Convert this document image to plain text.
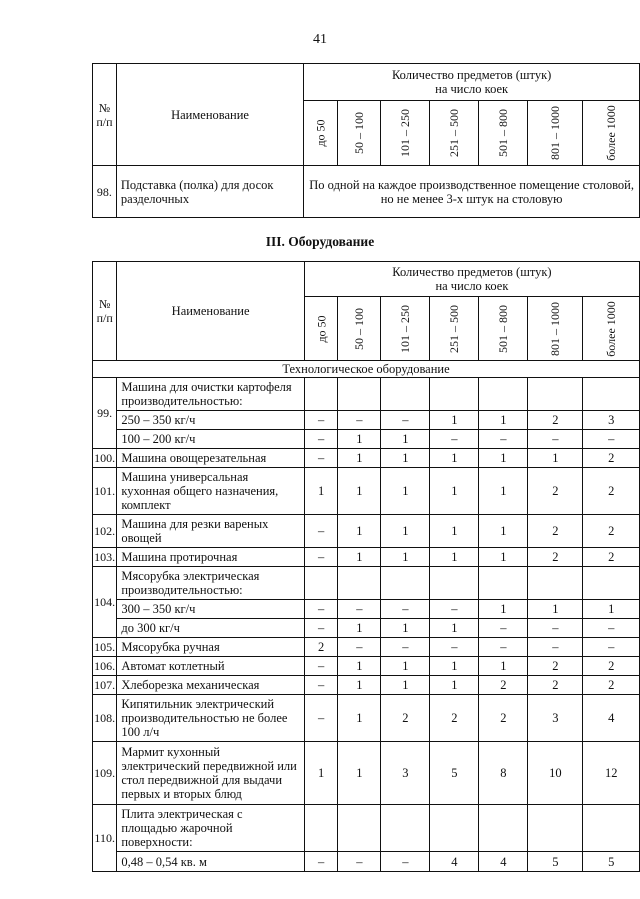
41
№
п/п	Наименование	Количество предметов (штук)
на число коек						

		до 50	50 – 100	101 – 250	251 – 500	501 – 800	801 – 1000	более 1000

98.	Подставка (полка) для досок разделочных	По одной на каждое производственное помещение столовой, но не менее 3-х штук на столовую						
III. Оборудование
№
п/п	Наименование	Количество предметов (штук)
на число коек						

		до 50	50 – 100	101 – 250	251 – 500	501 – 800	801 – 1000	более 1000

Технологическое оборудование								
99.	Машина для очистки картофеля производительностью:							
	250 – 350 кг/ч	–	–	–	1	1	2	3
	100 – 200 кг/ч	–	1	1	–	–	–	–
100.	Машина овощерезательная	–	1	1	1	1	1	2
101.	Машина универсальная кухонная общего назначения, комплект	1	1	1	1	1	2	2
102.	Машина для резки вареных овощей	–	1	1	1	1	2	2
103.	Машина протирочная	–	1	1	1	1	2	2
104.	Мясорубка электрическая производительностью:							
	300 – 350 кг/ч	–	–	–	–	1	1	1
	до 300 кг/ч	–	1	1	1	–	–	–
105.	Мясорубка ручная	2	–	–	–	–	–	–
106.	Автомат котлетный	–	1	1	1	1	2	2
107.	Хлеборезка механическая	–	1	1	1	2	2	2
108.	Кипятильник электрический производительностью не более 100 л/ч	–	1	2	2	2	3	4
109.	Мармит кухонный электрический передвижной или стол передвижной для выдачи первых и вторых блюд	1	1	3	5	8	10	12
110.	Плита электрическая с площадью жарочной поверхности:							
	0,48 – 0,54 кв. м	–	–	–	4	4	5	5
